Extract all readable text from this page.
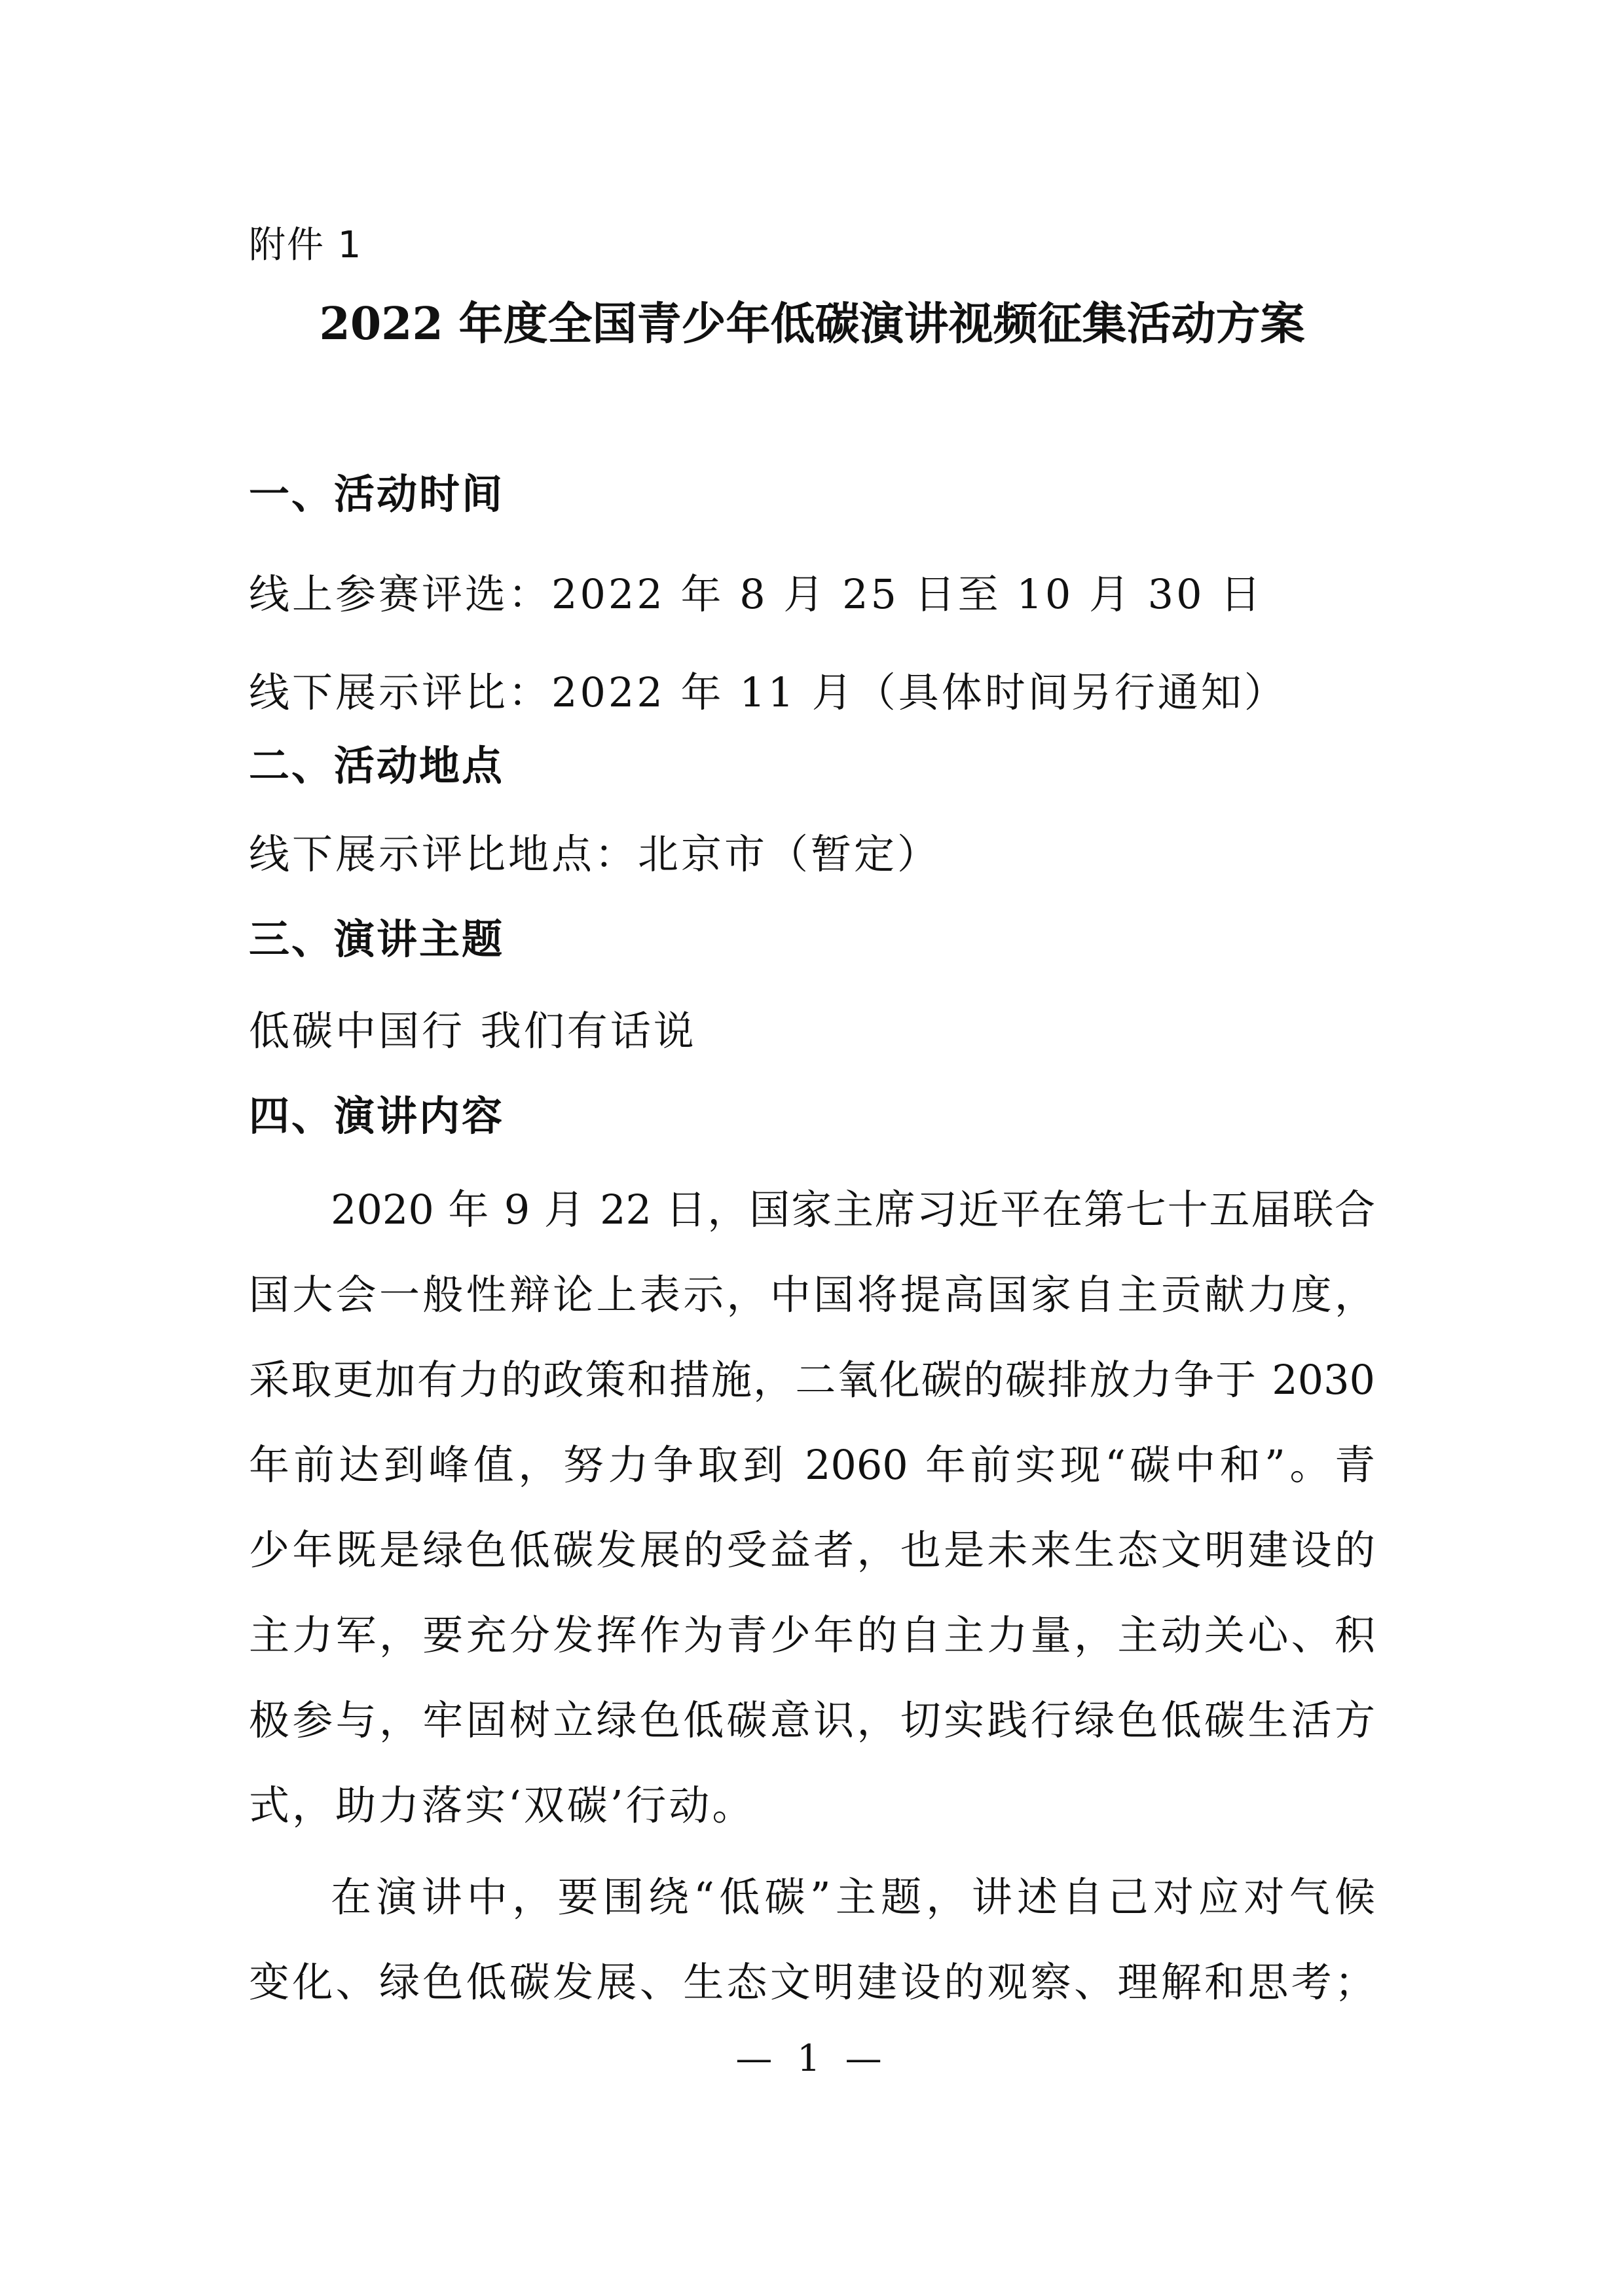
附件 1
2022 年度全国青少年低碳演讲视频征集活动方案
一、活动时间
线上参赛评选：2022 年 8 月 25 日至 10 月 30 日
线下展示评比：2022 年 11 月（具体时间另行通知）
二、活动地点
线下展示评比地点：北京市（暂定）
三、演讲主题
低碳中国行 我们有话说
四、演讲内容
2020 年 9 月 22 日，国家主席习近平在第七十五届联合
国大会一般性辩论上表示，中国将提高国家自主贡献力度，
采取更加有力的政策和措施，二氧化碳的碳排放力争于 2030
年前达到峰值，努力争取到 2060 年前实现“碳中和”。青
少年既是绿色低碳发展的受益者，也是未来生态文明建设的
主力军，要充分发挥作为青少年的自主力量，主动关心、积
极参与，牢固树立绿色低碳意识，切实践行绿色低碳生活方
式，助力落实‘双碳’行动。
在演讲中，要围绕“低碳”主题，讲述自己对应对气候
变化、绿色低碳发展、生态文明建设的观察、理解和思考；
— 1 —
